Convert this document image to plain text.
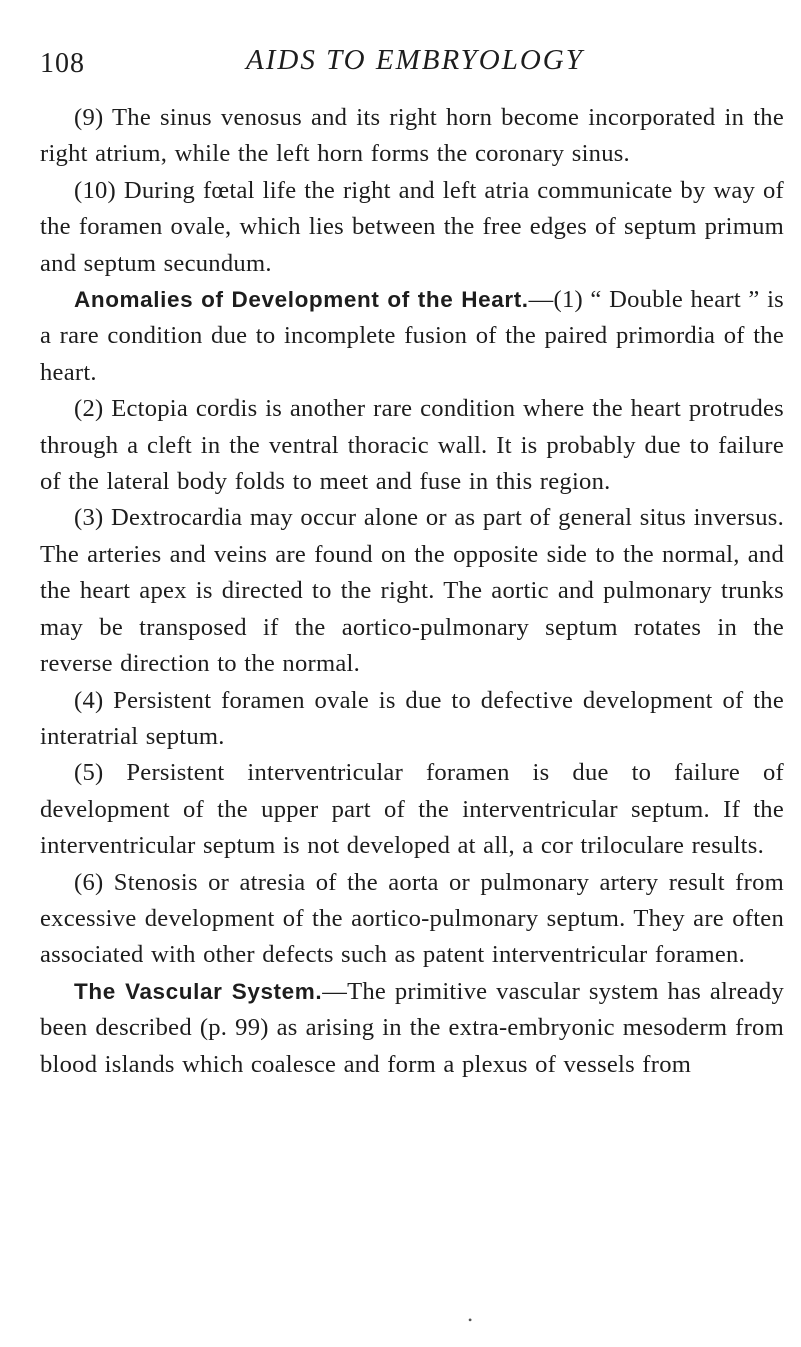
108	AIDS TO EMBRYOLOGY

(9) The sinus venosus and its right horn become incorporated in the right atrium, while the left horn forms the coronary sinus.

(10) During fœtal life the right and left atria communicate by way of the foramen ovale, which lies between the free edges of septum primum and septum secundum.

Anomalies of Development of the Heart.—(1) “ Double heart ” is a rare condition due to incomplete fusion of the paired primordia of the heart.

(2) Ectopia cordis is another rare condition where the heart protrudes through a cleft in the ventral thoracic wall. It is probably due to failure of the lateral body folds to meet and fuse in this region.

(3) Dextrocardia may occur alone or as part of general situs inversus. The arteries and veins are found on the opposite side to the normal, and the heart apex is directed to the right. The aortic and pulmonary trunks may be transposed if the aortico-pulmonary septum rotates in the reverse direction to the normal.

(4) Persistent foramen ovale is due to defective development of the interatrial septum.

(5) Persistent interventricular foramen is due to failure of development of the upper part of the interventricular septum. If the interventricular septum is not developed at all, a cor triloculare results.

(6) Stenosis or atresia of the aorta or pulmonary artery result from excessive development of the aortico-pulmonary septum. They are often associated with other defects such as patent interventricular foramen.

The Vascular System.—The primitive vascular system has already been described (p. 99) as arising in the extra-embryonic mesoderm from blood islands which coalesce and form a plexus of vessels from

•
